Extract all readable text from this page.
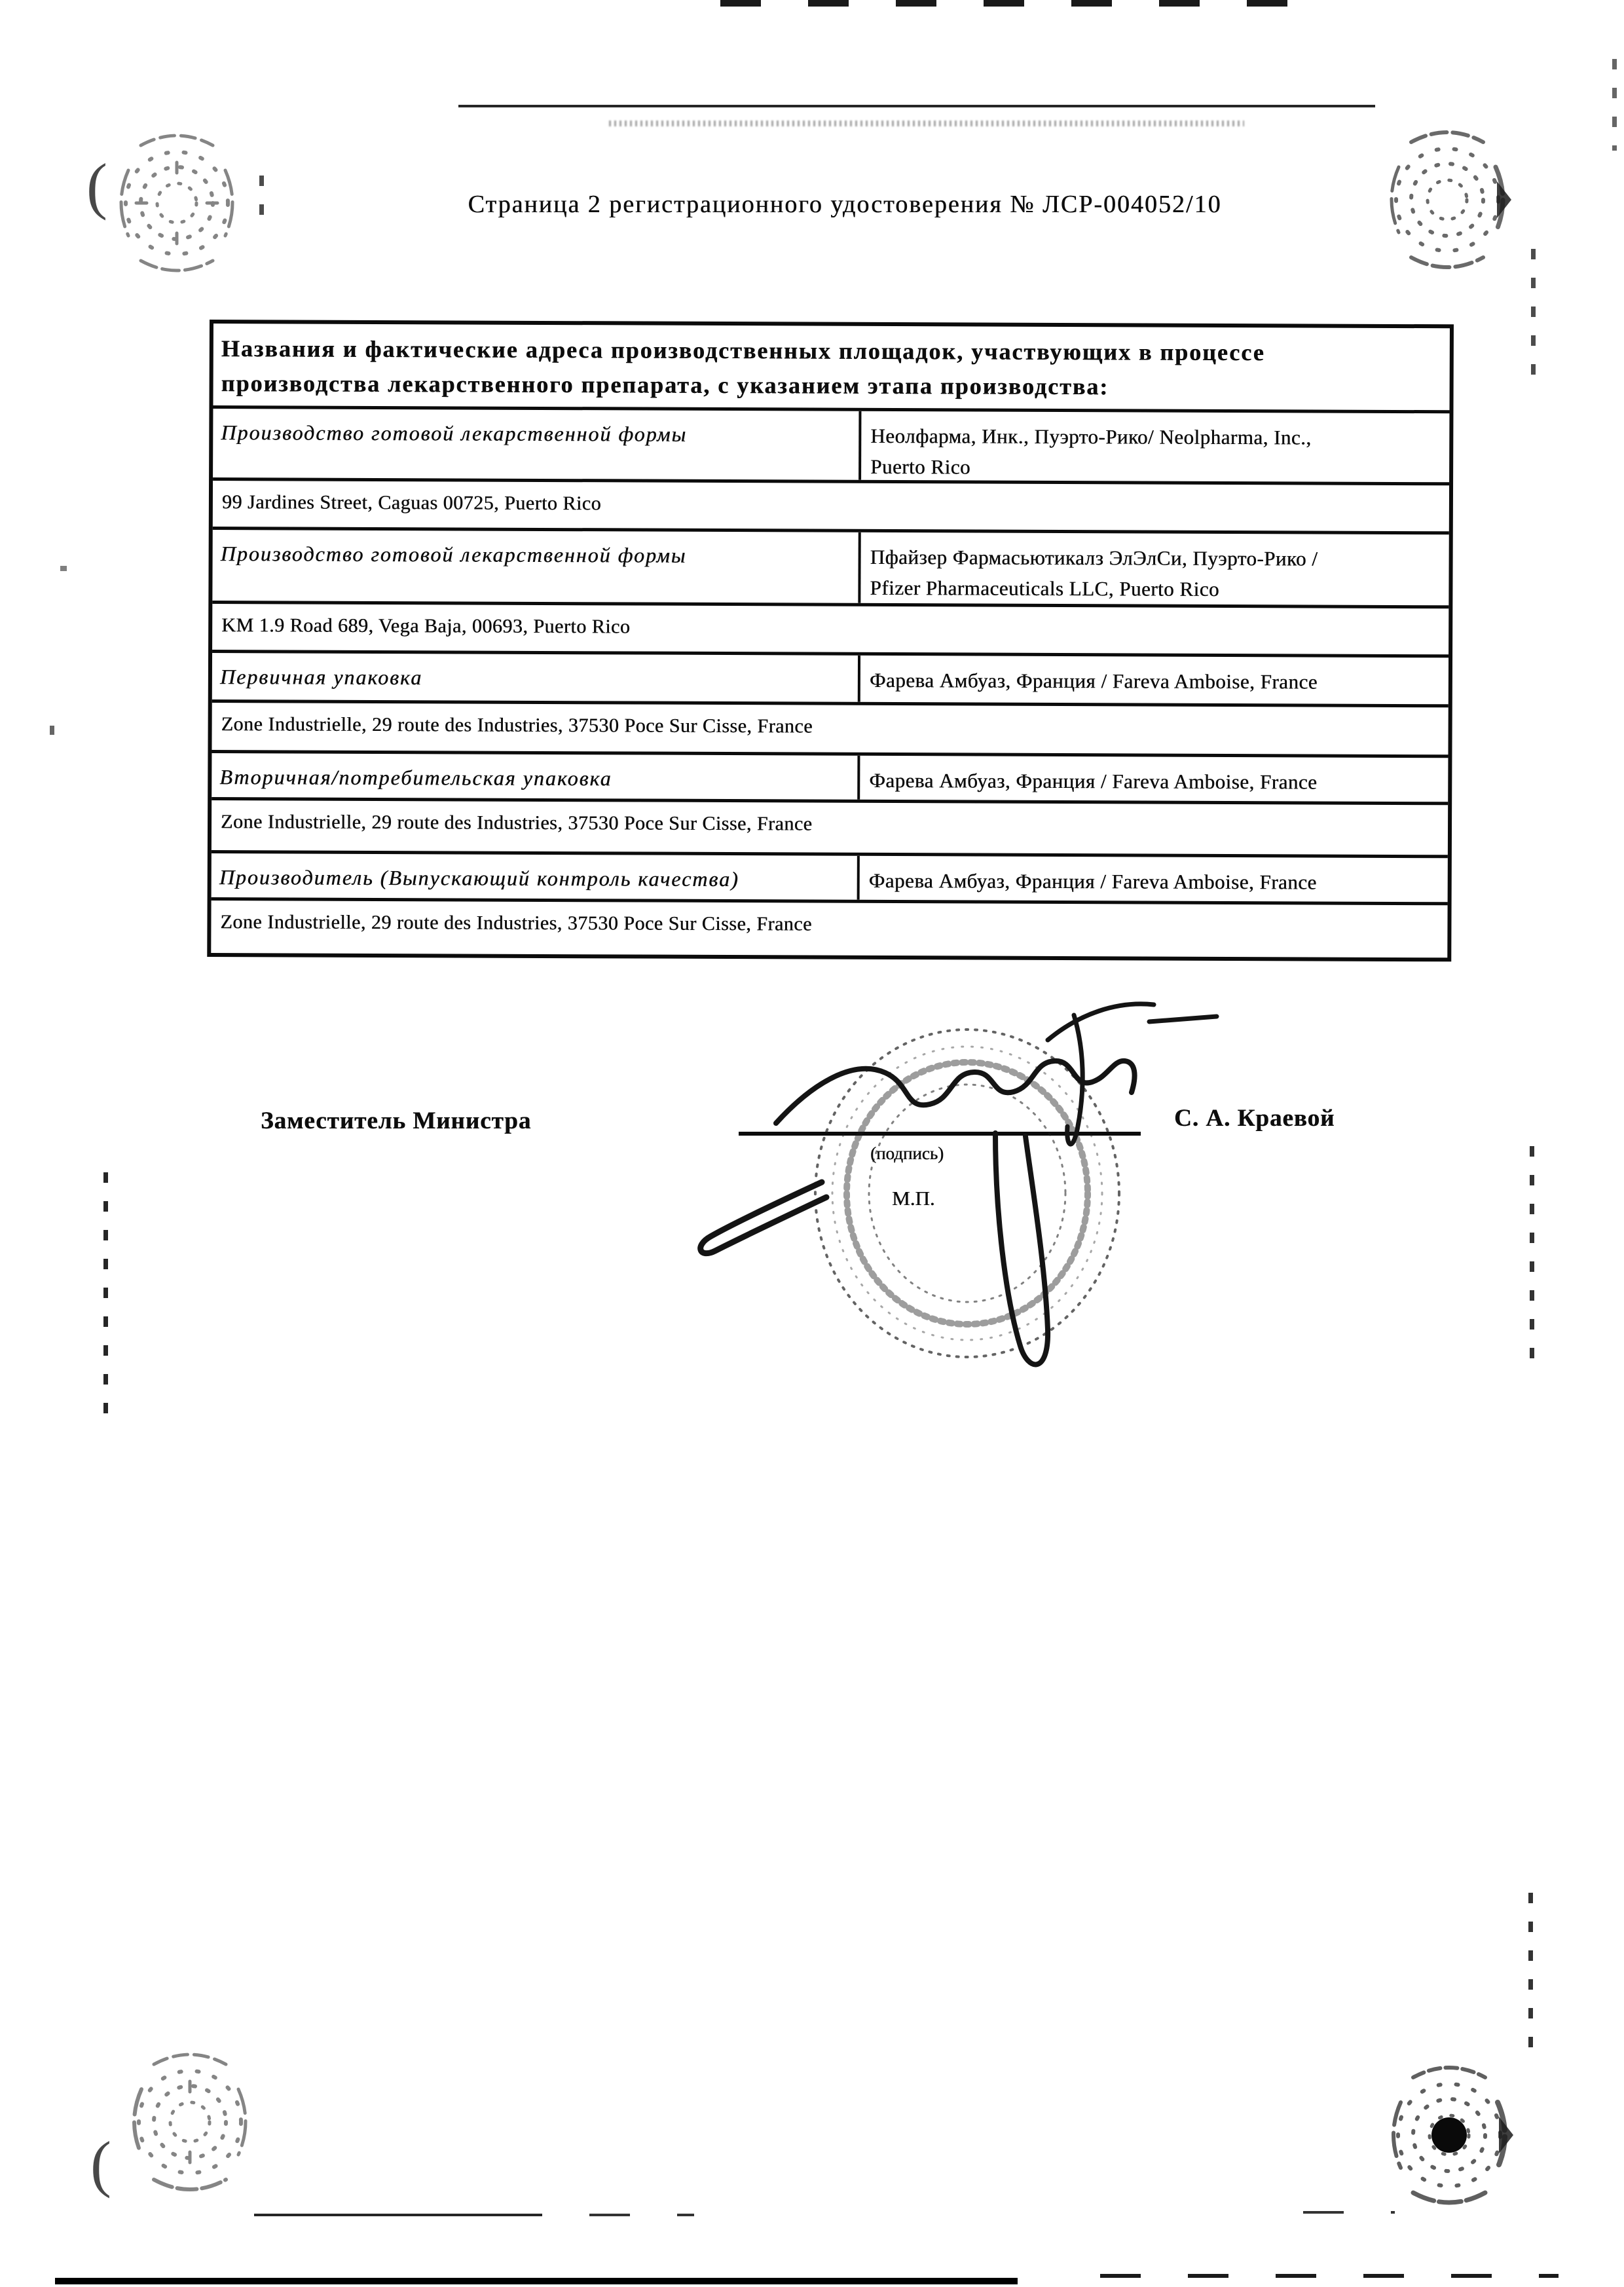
Страница 2 регистрационного удостоверения № ЛСР-004052/10
Названия и фактические адреса производственных площадок, участвующих в процессе
производства лекарственного препарата, с указанием этапа производства:
Производство готовой лекарственной формы	Неолфарма, Инк., Пуэрто-Рико/ Neolpharma, Inc.,
Puerto Rico
99 Jardines Street, Caguas 00725, Puerto Rico
Производство готовой лекарственной формы	Пфайзер Фармасьютикалз ЭлЭлСи, Пуэрто-Рико /
Pfizer Pharmaceuticals LLC, Puerto Rico
KM 1.9 Road 689, Vega Baja, 00693, Puerto Rico
Первичная упаковка	Фарева Амбуаз, Франция / Fareva Amboise, France
Zone Industrielle, 29 route des Industries, 37530 Poce Sur Cisse, France
Вторичная/потребительская упаковка	Фарева Амбуаз, Франция / Fareva Amboise, France
Zone Industrielle, 29 route des Industries, 37530 Poce Sur Cisse, France
Производитель (Выпускающий контроль качества)	Фарева Амбуаз, Франция / Fareva Amboise, France
Zone Industrielle, 29 route des Industries, 37530 Poce Sur Cisse, France
Заместитель Министра
(подпись)
М.П.
С. А. Краевой
(
(
